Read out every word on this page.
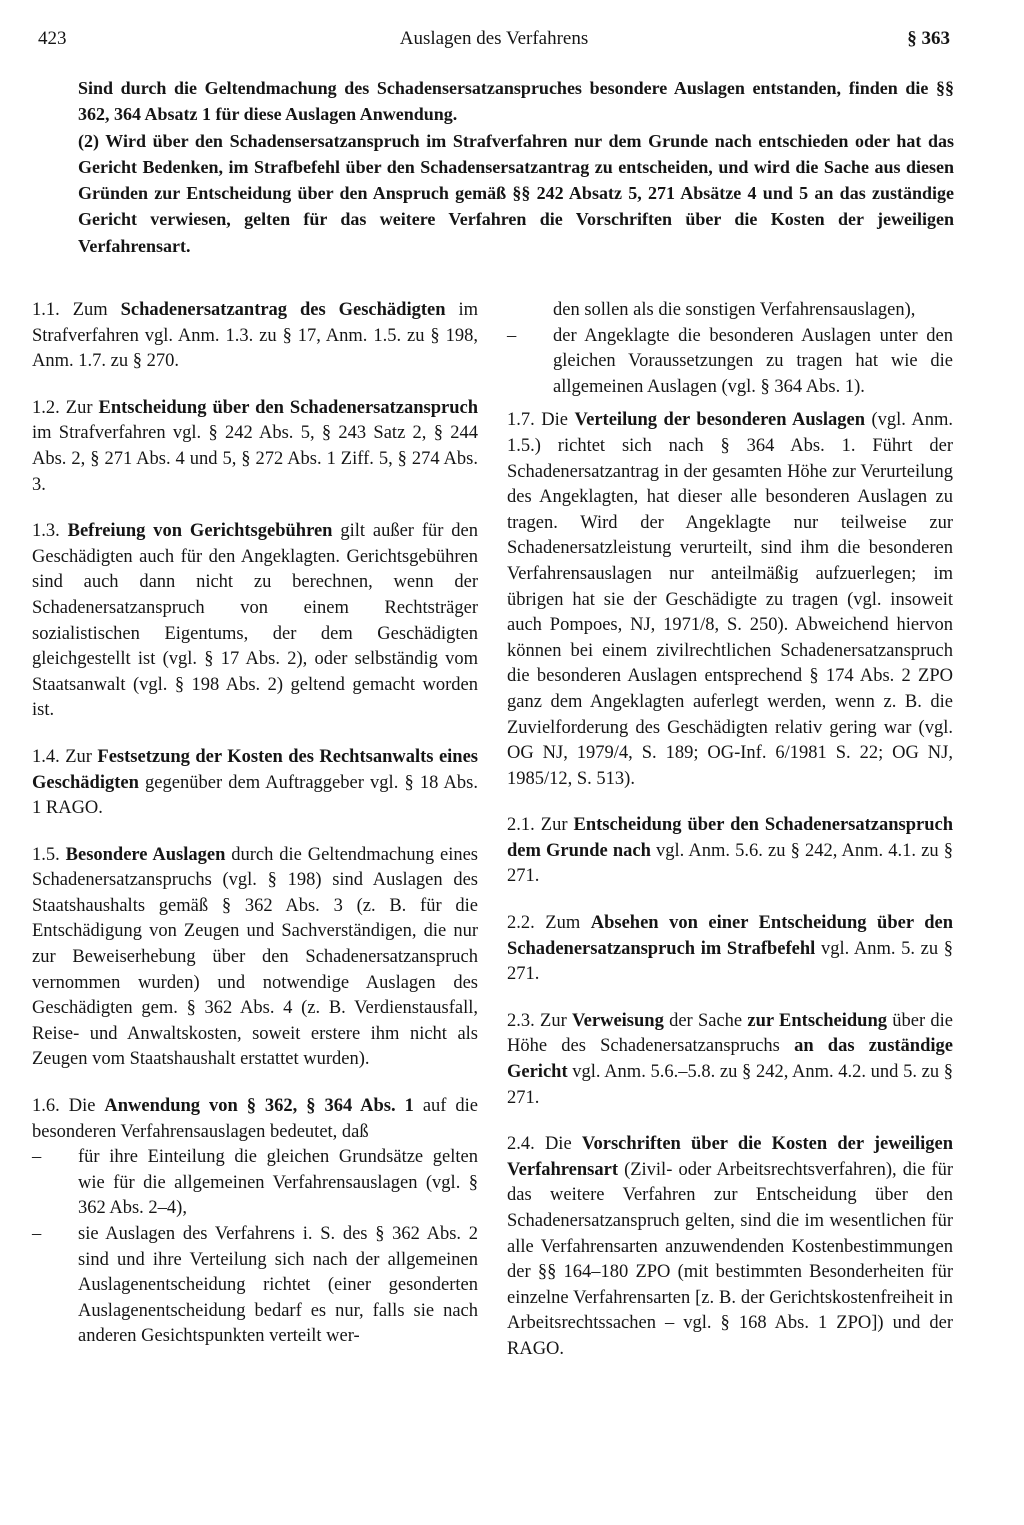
423	Auslagen des Verfahrens	§ 363

Sind durch die Geltendmachung des Schadensersatzanspruches besondere Auslagen entstanden, finden die §§ 362, 364 Absatz 1 für diese Auslagen Anwendung.

(2) Wird über den Schadensersatzanspruch im Strafverfahren nur dem Grunde nach entschieden oder hat das Gericht Bedenken, im Strafbefehl über den Schadensersatzantrag zu entscheiden, und wird die Sache aus diesen Gründen zur Entscheidung über den Anspruch gemäß §§ 242 Absatz 5, 271 Absätze 4 und 5 an das zuständige Gericht verwiesen, gelten für das weitere Verfahren die Vorschriften über die Kosten der jeweiligen Verfahrensart.

1.1. Zum Schadenersatzantrag des Geschädigten im Strafverfahren vgl. Anm. 1.3. zu § 17, Anm. 1.5. zu § 198, Anm. 1.7. zu § 270.

1.2. Zur Entscheidung über den Schadenersatzanspruch im Strafverfahren vgl. § 242 Abs. 5, § 243 Satz 2, § 244 Abs. 2, § 271 Abs. 4 und 5, § 272 Abs. 1 Ziff. 5, § 274 Abs. 3.

1.3. Befreiung von Gerichtsgebühren gilt außer für den Geschädigten auch für den Angeklagten. Gerichtsgebühren sind auch dann nicht zu berechnen, wenn der Schadenersatzanspruch von einem Rechtsträger sozialistischen Eigentums, der dem Geschädigten gleichgestellt ist (vgl. § 17 Abs. 2), oder selbständig vom Staatsanwalt (vgl. § 198 Abs. 2) geltend gemacht worden ist.

1.4. Zur Festsetzung der Kosten des Rechtsanwalts eines Geschädigten gegenüber dem Auftraggeber vgl. § 18 Abs. 1 RAGO.

1.5. Besondere Auslagen durch die Geltendmachung eines Schadenersatzanspruchs (vgl. § 198) sind Auslagen des Staatshaushalts gemäß § 362 Abs. 3 (z. B. für die Entschädigung von Zeugen und Sachverständigen, die nur zur Beweiserhebung über den Schadenersatzanspruch vernommen wurden) und notwendige Auslagen des Geschädigten gem. § 362 Abs. 4 (z. B. Verdienstausfall, Reise- und Anwaltskosten, soweit erstere ihm nicht als Zeugen vom Staatshaushalt erstattet wurden).

1.6. Die Anwendung von § 362, § 364 Abs. 1 auf die besonderen Verfahrensauslagen bedeutet, daß

– für ihre Einteilung die gleichen Grundsätze gelten wie für die allgemeinen Verfahrensauslagen (vgl. § 362 Abs. 2–4),
– sie Auslagen des Verfahrens i. S. des § 362 Abs. 2 sind und ihre Verteilung sich nach der allgemeinen Auslagenentscheidung richtet (einer gesonderten Auslagenentscheidung bedarf es nur, falls sie nach anderen Gesichtspunkten verteilt wer-

den sollen als die sonstigen Verfahrensauslagen),

– der Angeklagte die besonderen Auslagen unter den gleichen Voraussetzungen zu tragen hat wie die allgemeinen Auslagen (vgl. § 364 Abs. 1).

1.7. Die Verteilung der besonderen Auslagen (vgl. Anm. 1.5.) richtet sich nach § 364 Abs. 1. Führt der Schadenersatzantrag in der gesamten Höhe zur Verurteilung des Angeklagten, hat dieser alle besonderen Auslagen zu tragen. Wird der Angeklagte nur teilweise zur Schadenersatzleistung verurteilt, sind ihm die besonderen Verfahrensauslagen nur anteilmäßig aufzuerlegen; im übrigen hat sie der Geschädigte zu tragen (vgl. insoweit auch Pompoes, NJ, 1971/8, S. 250). Abweichend hiervon können bei einem zivilrechtlichen Schadenersatzanspruch die besonderen Auslagen entsprechend § 174 Abs. 2 ZPO ganz dem Angeklagten auferlegt werden, wenn z. B. die Zuvielforderung des Geschädigten relativ gering war (vgl. OG NJ, 1979/4, S. 189; OG-Inf. 6/1981 S. 22; OG NJ, 1985/12, S. 513).

2.1. Zur Entscheidung über den Schadenersatzanspruch dem Grunde nach vgl. Anm. 5.6. zu § 242, Anm. 4.1. zu § 271.

2.2. Zum Absehen von einer Entscheidung über den Schadenersatzanspruch im Strafbefehl vgl. Anm. 5. zu § 271.

2.3. Zur Verweisung der Sache zur Entscheidung über die Höhe des Schadenersatzanspruchs an das zuständige Gericht vgl. Anm. 5.6.–5.8. zu § 242, Anm. 4.2. und 5. zu § 271.

2.4. Die Vorschriften über die Kosten der jeweiligen Verfahrensart (Zivil- oder Arbeitsrechtsverfahren), die für das weitere Verfahren zur Entscheidung über den Schadenersatzanspruch gelten, sind die im wesentlichen für alle Verfahrensarten anzuwendenden Kostenbestimmungen der §§ 164–180 ZPO (mit bestimmten Besonderheiten für einzelne Verfahrensarten [z. B. der Gerichtskostenfreiheit in Arbeitsrechtssachen – vgl. § 168 Abs. 1 ZPO]) und der RAGO.
